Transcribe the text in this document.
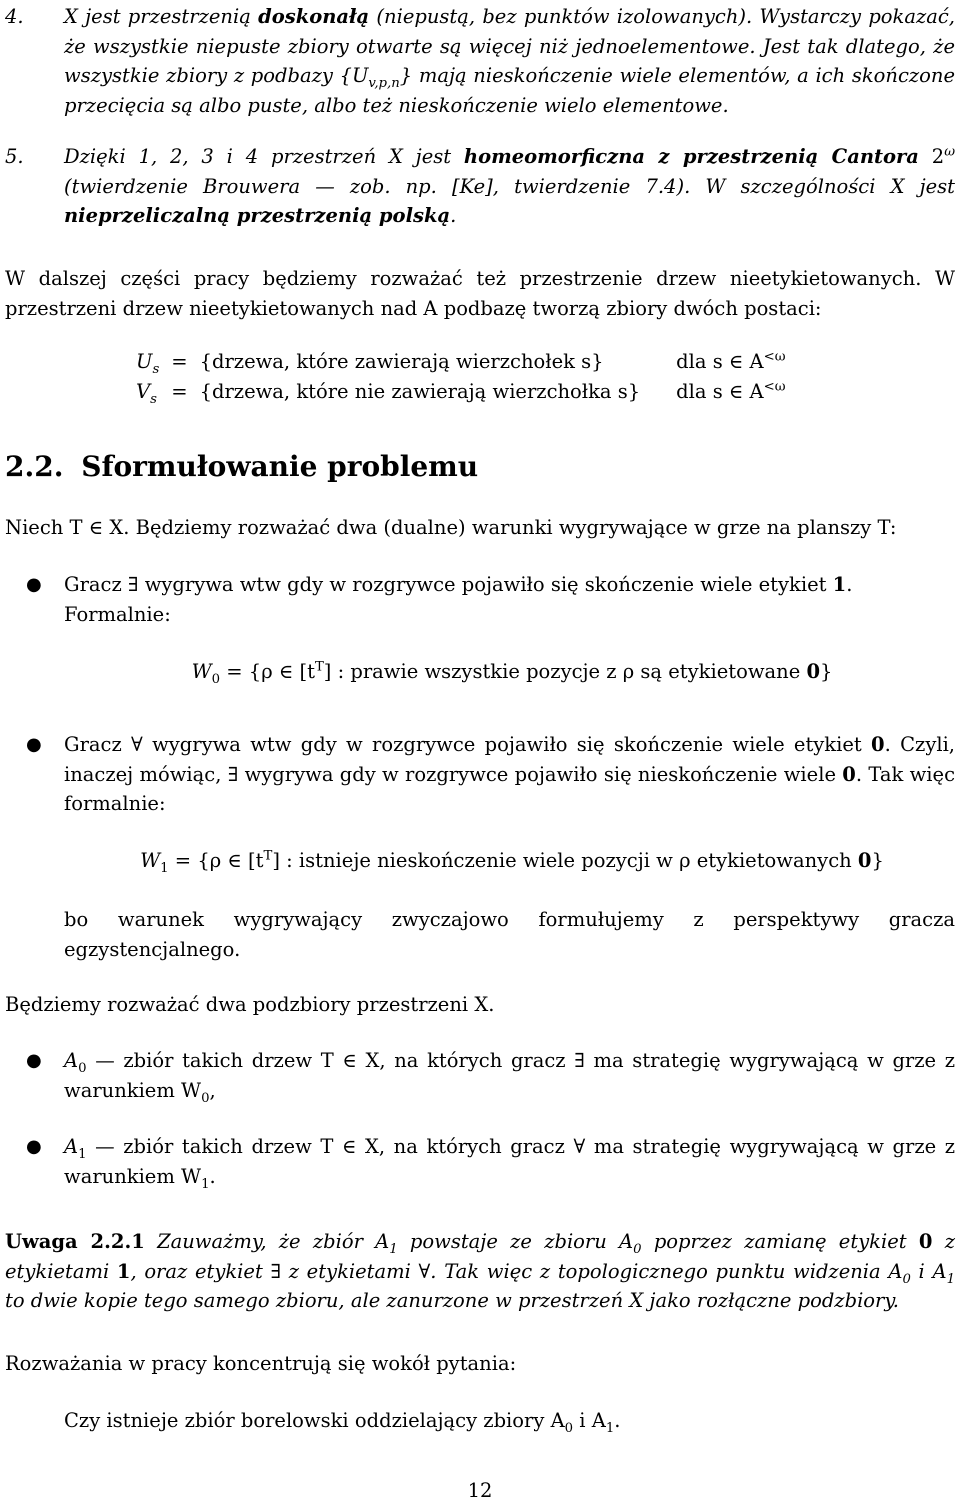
4. X jest przestrzenią doskonałą (niepustą, bez punktów izolowanych). Wystarczy pokazać, że wszystkie niepuste zbiory otwarte są więcej niż jednoelementowe. Jest tak dlatego, że wszystkie zbiory z podbazy $\{U_{v,p,n}\}$ mają nieskończenie wiele elementów, a ich skończone przecięcia są albo puste, albo też nieskończenie wielo elementowe.

5. Dzięki 1, 2, 3 i 4 przestrzeń X jest homeomorficzna z przestrzenią Cantora $2^\omega$ (twierdzenie Brouwera — zob. np. [Ke], twierdzenie 7.4). W szczególności X jest nieprzeliczalną przestrzenią polską.

W dalszej części pracy będziemy rozważać też przestrzenie drzew nieetykietowanych. W przestrzeni drzew nieetykietowanych nad A podbazę tworzą zbiory dwóch postaci:

$U_s$	=	{drzewa, które zawierają wierzchołek s}	dla s ∈ $A^{<\omega}$
$V_s$	=	{drzewa, które nie zawierają wierzchołka s}	dla s ∈ $A^{<\omega}$
2.2. Sformułowanie problemu

Niech T ∈ X. Będziemy rozważać dwa (dualne) warunki wygrywające w grze na planszy T:

● Gracz ∃ wygrywa wtw gdy w rozgrywce pojawiło się skończenie wiele etykiet 1. Formalnie:

$W_0 = \{\rho$ ∈ $[t^T]$ : prawie wszystkie pozycje z ρ są etykietowane 0}
● Gracz ∀ wygrywa wtw gdy w rozgrywce pojawiło się skończenie wiele etykiet 0. Czyli, inaczej mówiąc, ∃ wygrywa gdy w rozgrywce pojawiło się nieskończenie wiele 0. Tak więc formalnie:

$W_1 = \{\rho$ ∈ $[t^T]$ : istnieje nieskończenie wiele pozycji w ρ etykietowanych 0}

bo warunek wygrywający zwyczajowo formułujemy z perspektywy gracza egzystencjalnego.

Będziemy rozważać dwa podzbiory przestrzeni X.

● $A_0$ — zbiór takich drzew T ∈ X, na których gracz ∃ ma strategię wygrywającą w grze z warunkiem $W_0$,

● $A_1$ — zbiór takich drzew T ∈ X, na których gracz ∀ ma strategię wygrywającą w grze z warunkiem $W_1$.

Uwaga 2.2.1 Zauważmy, że zbiór $A_1$ powstaje ze zbioru $A_0$ poprzez zamianę etykiet 0 z etykietami 1, oraz etykiet ∃ z etykietami ∀. Tak więc z topologicznego punktu widzenia $A_0$ i $A_1$ to dwie kopie tego samego zbioru, ale zanurzone w przestrzeń X jako rozłączne podzbiory.

Rozważania w pracy koncentrują się wokół pytania:

Czy istnieje zbiór borelowski oddzielający zbiory $A_0$ i $A_1$.

12
